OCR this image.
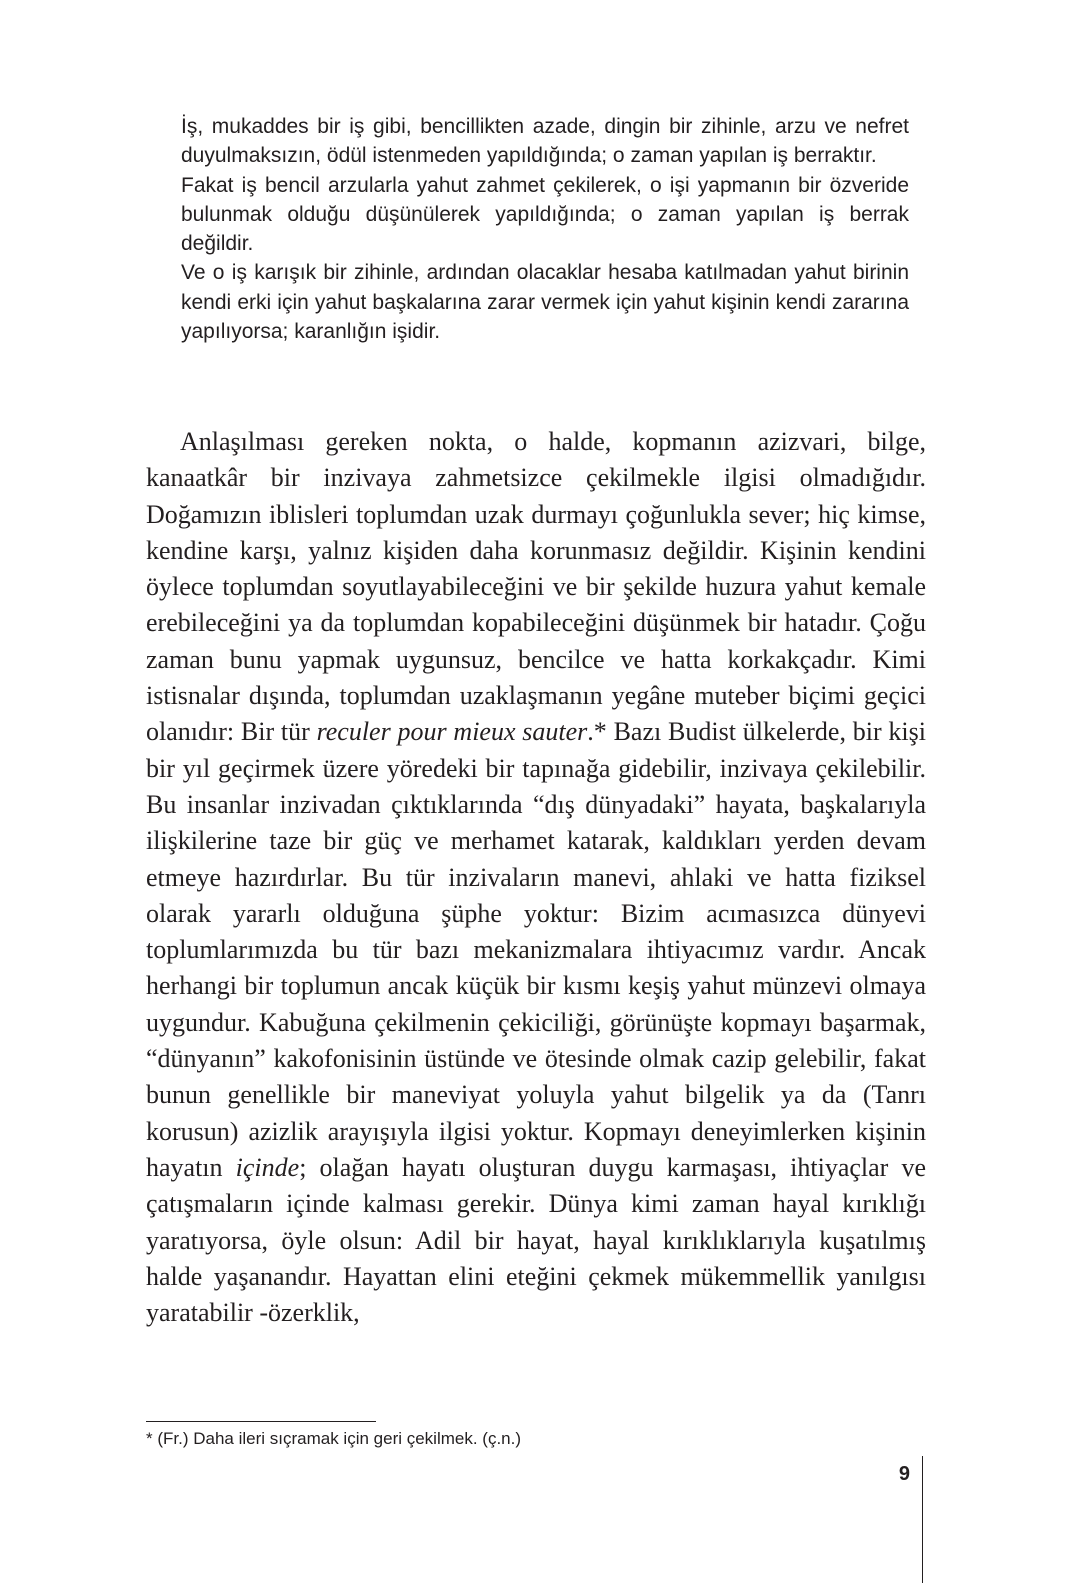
İş, mukaddes bir iş gibi, bencillikten azade, dingin bir zihinle, arzu ve nefret duyulmaksızın, ödül istenmeden yapıldığında; o zaman yapılan iş berraktır.

Fakat iş bencil arzularla yahut zahmet çekilerek, o işi yapmanın bir özveride bulunmak olduğu düşünülerek yapıldığında; o zaman yapılan iş berrak değildir.

Ve o iş karışık bir zihinle, ardından olacaklar hesaba katılmadan yahut birinin kendi erki için yahut başkalarına zarar vermek için yahut kişinin kendi zararına yapılıyorsa; karanlığın işidir.

Anlaşılması gereken nokta, o halde, kopmanın azizvari, bilge, kanaatkâr bir inzivaya zahmetsizce çekilmekle ilgisi olmadığıdır. Doğamızın iblisleri toplumdan uzak durmayı çoğunlukla sever; hiç kimse, kendine karşı, yalnız kişiden daha korunmasız değildir. Kişinin kendini öylece toplumdan soyutlayabileceğini ve bir şekilde huzura yahut kemale erebileceğini ya da toplumdan kopabileceğini düşünmek bir hatadır. Çoğu zaman bunu yapmak uygunsuz, bencilce ve hatta korkakçadır. Kimi istisnalar dışında, toplumdan uzaklaşmanın yegâne muteber biçimi geçici olanıdır: Bir tür reculer pour mieux sauter.* Bazı Budist ülkelerde, bir kişi bir yıl geçirmek üzere yöredeki bir tapınağa gidebilir, inzivaya çekilebilir. Bu insanlar inzivadan çıktıklarında “dış dünyadaki” hayata, başkalarıyla ilişkilerine taze bir güç ve merhamet katarak, kaldıkları yerden devam etmeye hazırdırlar. Bu tür inzivaların manevi, ahlaki ve hatta fiziksel olarak yararlı olduğuna şüphe yoktur: Bizim acımasızca dünyevi toplumlarımızda bu tür bazı mekanizmalara ihtiyacımız vardır. Ancak herhangi bir toplumun ancak küçük bir kısmı keşiş yahut münzevi olmaya uygundur. Kabuğuna çekilmenin çekiciliği, görünüşte kopmayı başarmak, “dünyanın” kakofonisinin üstünde ve ötesinde olmak cazip gelebilir, fakat bunun genellikle bir maneviyat yoluyla yahut bilgelik ya da (Tanrı korusun) azizlik arayışıyla ilgisi yoktur. Kopmayı deneyimlerken kişinin hayatın içinde; olağan hayatı oluşturan duygu karmaşası, ihtiyaçlar ve çatışmaların içinde kalması gerekir. Dünya kimi zaman hayal kırıklığı yaratıyorsa, öyle olsun: Adil bir hayat, hayal kırıklıklarıyla kuşatılmış halde yaşanandır. Hayattan elini eteğini çekmek mükemmellik yanılgısı yaratabilir -özerklik,

* (Fr.) Daha ileri sıçramak için geri çekilmek. (ç.n.)
9
